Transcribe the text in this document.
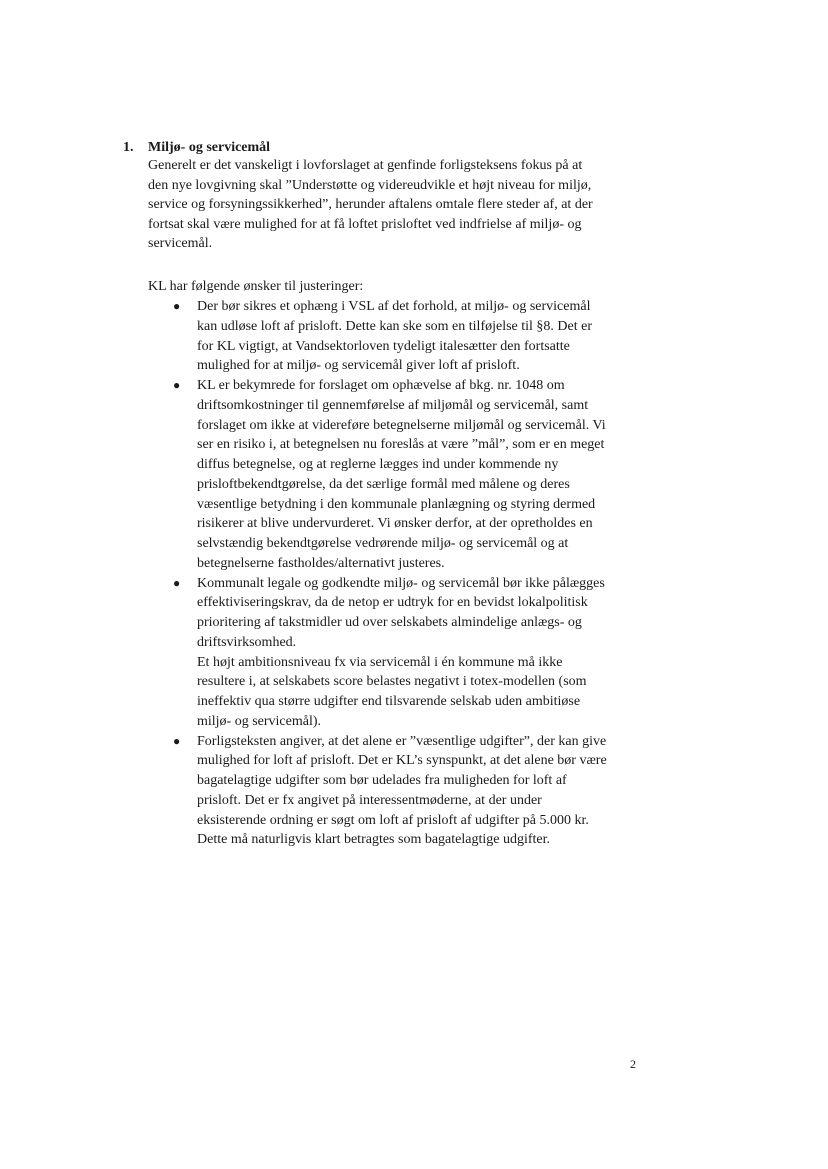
1. Miljø- og servicemål

Generelt er det vanskeligt i lovforslaget at genfinde forligsteksens fokus på at den nye lovgivning skal ”Understøtte og videreudvikle et højt niveau for miljø, service og forsyningssikkerhed”, herunder aftalens omtale flere steder af, at der fortsat skal være mulighed for at få loftet prisloftet ved indfrielse af miljø- og servicemål.

KL har følgende ønsker til justeringer:

● Der bør sikres et ophæng i VSL af det forhold, at miljø- og servicemål kan udløse loft af prisloft. Dette kan ske som en tilføjelse til §8. Det er for KL vigtigt, at Vandsektorloven tydeligt italesætter den fortsatte mulighed for at miljø- og servicemål giver loft af prisloft.
● KL er bekymrede for forslaget om ophævelse af bkg. nr. 1048 om driftsomkostninger til gennemførelse af miljømål og servicemål, samt forslaget om ikke at videreføre betegnelserne miljømål og servicemål. Vi ser en risiko i, at betegnelsen nu foreslås at være ”mål”, som er en meget diffus betegnelse, og at reglerne lægges ind under kommende ny prisloftbekendtgørelse, da det særlige formål med målene og deres væsentlige betydning i den kommunale planlægning og styring dermed risikerer at blive undervurderet. Vi ønsker derfor, at der opretholdes en selvstændig bekendtgørelse vedrørende miljø- og servicemål og at betegnelserne fastholdes/alternativt justeres.
● Kommunalt legale og godkendte miljø- og servicemål bør ikke pålægges effektiviseringskrav, da de netop er udtryk for en bevidst lokalpolitisk prioritering af takstmidler ud over selskabets almindelige anlægs- og driftsvirksomhed.
Et højt ambitionsniveau fx via servicemål i én kommune må ikke resultere i, at selskabets score belastes negativt i totex-modellen (som ineffektiv qua større udgifter end tilsvarende selskab uden ambitiøse miljø- og servicemål).
● Forligsteksten angiver, at det alene er ”væsentlige udgifter”, der kan give mulighed for loft af prisloft. Det er KL’s synspunkt, at det alene bør være bagatelagtige udgifter som bør udelades fra muligheden for loft af prisloft. Det er fx angivet på interessentmøderne, at der under eksisterende ordning er søgt om loft af prisloft af udgifter på 5.000 kr. Dette må naturligvis klart betragtes som bagatelagtige udgifter.
2
